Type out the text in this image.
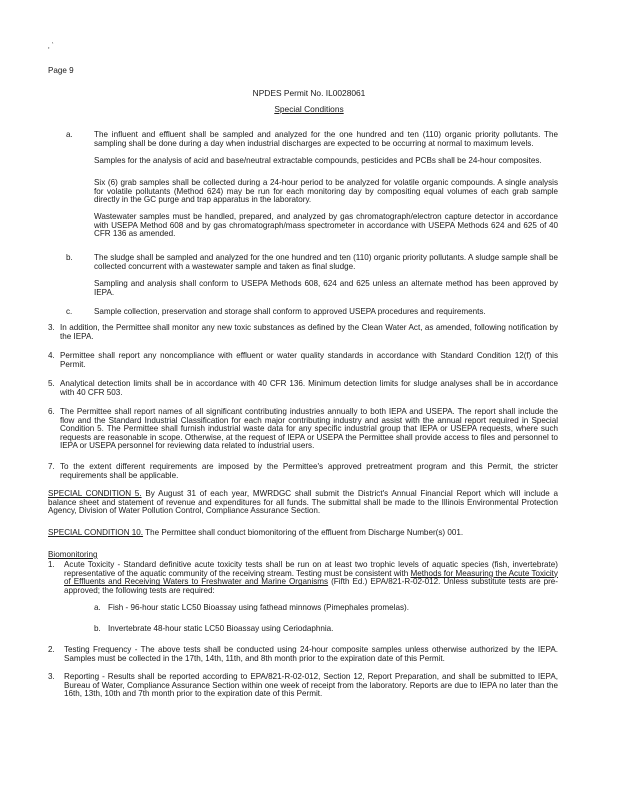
‚ ˋ
Page 9
NPDES Permit No. IL0028061
Special Conditions
a.	The influent and effluent shall be sampled and analyzed for the one hundred and ten (110) organic priority pollutants. The sampling shall be done during a day when industrial discharges are expected to be occurring at normal to maximum levels.
Samples for the analysis of acid and base/neutral extractable compounds, pesticides and PCBs shall be 24-hour composites.
Six (6) grab samples shall be collected during a 24-hour period to be analyzed for volatile organic compounds. A single analysis for volatile pollutants (Method 624) may be run for each monitoring day by compositing equal volumes of each grab sample directly in the GC purge and trap apparatus in the laboratory.
Wastewater samples must be handled, prepared, and analyzed by gas chromatograph/electron capture detector in accordance with USEPA Method 608 and by gas chromatograph/mass spectrometer in accordance with USEPA Methods 624 and 625 of 40 CFR 136 as amended.
b.	The sludge shall be sampled and analyzed for the one hundred and ten (110) organic priority pollutants. A sludge sample shall be collected concurrent with a wastewater sample and taken as final sludge.
Sampling and analysis shall conform to USEPA Methods 608, 624 and 625 unless an alternate method has been approved by IEPA.
c.	Sample collection, preservation and storage shall conform to approved USEPA procedures and requirements.
3. In addition, the Permittee shall monitor any new toxic substances as defined by the Clean Water Act, as amended, following notification by the IEPA.
4. Permittee shall report any noncompliance with effluent or water quality standards in accordance with Standard Condition 12(f) of this Permit.
5. Analytical detection limits shall be in accordance with 40 CFR 136. Minimum detection limits for sludge analyses shall be in accordance with 40 CFR 503.
6. The Permittee shall report names of all significant contributing industries annually to both IEPA and USEPA. The report shall include the flow and the Standard Industrial Classification for each major contributing industry and assist with the annual report required in Special Condition 5. The Permittee shall furnish industrial waste data for any specific industrial group that IEPA or USEPA requests, where such requests are reasonable in scope. Otherwise, at the request of IEPA or USEPA the Permittee shall provide access to files and personnel to IEPA or USEPA personnel for reviewing data related to industrial users.
7. To the extent different requirements are imposed by the Permittee's approved pretreatment program and this Permit, the stricter requirements shall be applicable.
SPECIAL CONDITION 5. By August 31 of each year, MWRDGC shall submit the District's Annual Financial Report which will include a balance sheet and statement of revenue and expenditures for all funds. The submittal shall be made to the Illinois Environmental Protection Agency, Division of Water Pollution Control, Compliance Assurance Section.
SPECIAL CONDITION 10. The Permittee shall conduct biomonitoring of the effluent from Discharge Number(s) 001.
Biomonitoring
1. Acute Toxicity - Standard definitive acute toxicity tests shall be run on at least two trophic levels of aquatic species (fish, invertebrate) representative of the aquatic community of the receiving stream. Testing must be consistent with Methods for Measuring the Acute Toxicity of Effluents and Receiving Waters to Freshwater and Marine Organisms (Fifth Ed.) EPA/821-R-02-012. Unless substitute tests are pre-approved; the following tests are required:
a. Fish - 96-hour static LC50 Bioassay using fathead minnows (Pimephales promelas).
b. Invertebrate 48-hour static LC50 Bioassay using Ceriodaphnia.
2. Testing Frequency - The above tests shall be conducted using 24-hour composite samples unless otherwise authorized by the IEPA. Samples must be collected in the 17th, 14th, 11th, and 8th month prior to the expiration date of this Permit.
3. Reporting - Results shall be reported according to EPA/821-R-02-012, Section 12, Report Preparation, and shall be submitted to IEPA, Bureau of Water, Compliance Assurance Section within one week of receipt from the laboratory. Reports are due to IEPA no later than the 16th, 13th, 10th and 7th month prior to the expiration date of this Permit.
